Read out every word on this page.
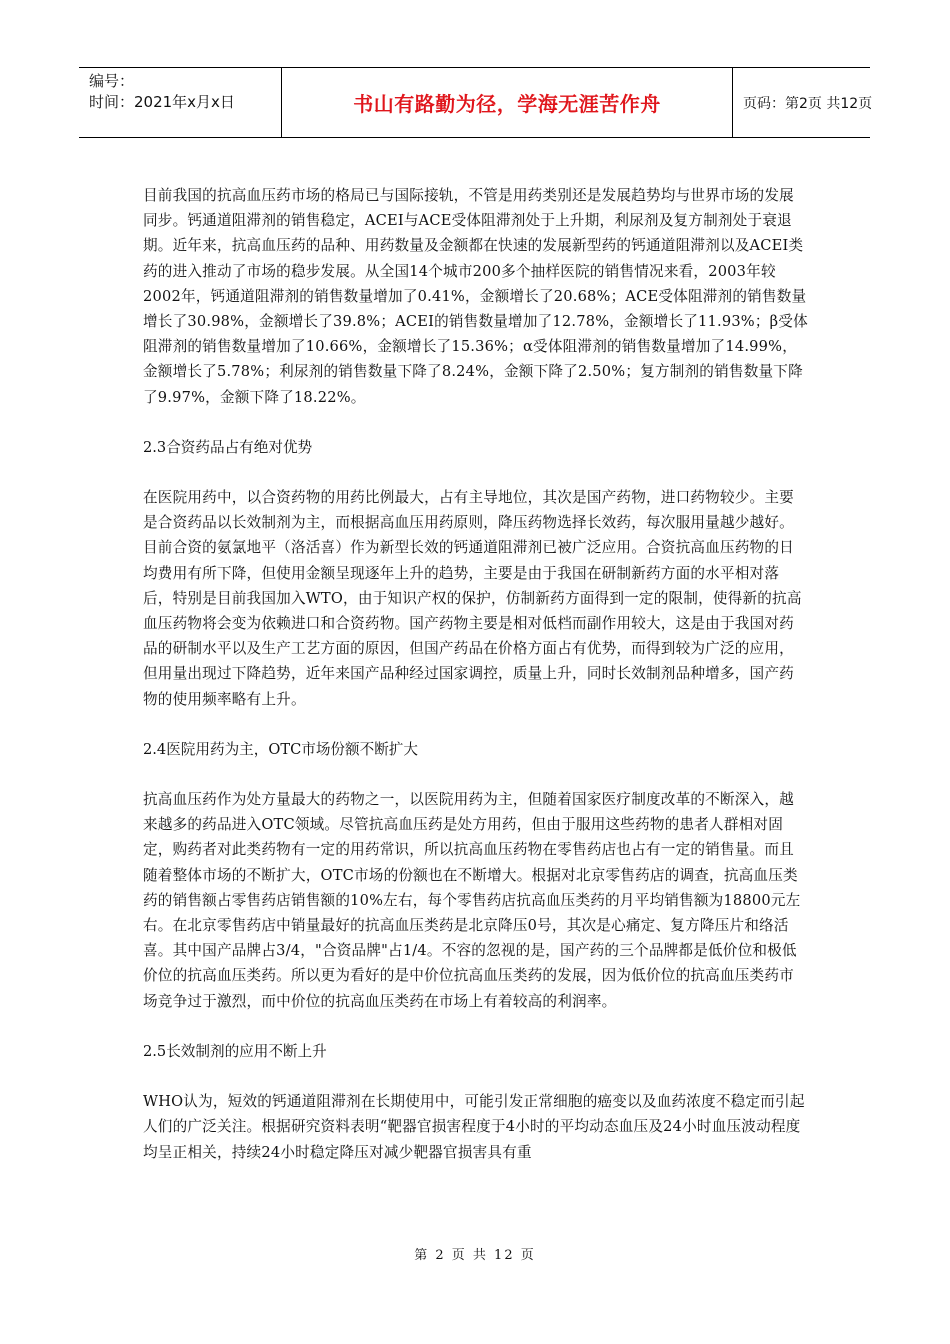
编号：
时间：2021年x月x日	书山有路勤为径，学海无涯苦作舟	页码：第2页 共12页

目前我国的抗高血压药市场的格局已与国际接轨，不管是用药类别还是发展趋势均与世界市场的发展同步。钙通道阻滞剂的销售稳定，ACEI与ACE受体阻滞剂处于上升期，利尿剂及复方制剂处于衰退期。近年来，抗高血压药的品种、用药数量及金额都在快速的发展新型药的钙通道阻滞剂以及ACEI类药的进入推动了市场的稳步发展。从全国14个城市200多个抽样医院的销售情况来看，2003年较2002年，钙通道阻滞剂的销售数量增加了0.41%，金额增长了20.68%；ACE受体阻滞剂的销售数量增长了30.98%，金额增长了39.8%；ACEI的销售数量增加了12.78%，金额增长了11.93%；β受体阻滞剂的销售数量增加了10.66%，金额增长了15.36%；α受体阻滞剂的销售数量增加了14.99%，金额增长了5.78%；利尿剂的销售数量下降了8.24%，金额下降了2.50%；复方制剂的销售数量下降了9.97%，金额下降了18.22%。

2.3合资药品占有绝对优势

在医院用药中，以合资药物的用药比例最大，占有主导地位，其次是国产药物，进口药物较少。主要是合资药品以长效制剂为主，而根据高血压用药原则，降压药物选择长效药，每次服用量越少越好。目前合资的氨氯地平（洛活喜）作为新型长效的钙通道阻滞剂已被广泛应用。合资抗高血压药物的日均费用有所下降，但使用金额呈现逐年上升的趋势，主要是由于我国在研制新药方面的水平相对落后，特别是目前我国加入WTO，由于知识产权的保护，仿制新药方面得到一定的限制，使得新的抗高血压药物将会变为依赖进口和合资药物。国产药物主要是相对低档而副作用较大，这是由于我国对药品的研制水平以及生产工艺方面的原因，但国产药品在价格方面占有优势，而得到较为广泛的应用，但用量出现过下降趋势，近年来国产品种经过国家调控，质量上升，同时长效制剂品种增多，国产药物的使用频率略有上升。

2.4医院用药为主，OTC市场份额不断扩大

抗高血压药作为处方量最大的药物之一，以医院用药为主，但随着国家医疗制度改革的不断深入，越来越多的药品进入OTC领域。尽管抗高血压药是处方用药，但由于服用这些药物的患者人群相对固定，购药者对此类药物有一定的用药常识，所以抗高血压药物在零售药店也占有一定的销售量。而且随着整体市场的不断扩大，OTC市场的份额也在不断增大。根据对北京零售药店的调查，抗高血压类药的销售额占零售药店销售额的10%左右，每个零售药店抗高血压类药的月平均销售额为18800元左右。在北京零售药店中销量最好的抗高血压类药是北京降压0号，其次是心痛定、复方降压片和络活喜。其中国产品牌占3/4，"合资品牌"占1/4。不容的忽视的是，国产药的三个品牌都是低价位和极低价位的抗高血压类药。所以更为看好的是中价位抗高血压类药的发展，因为低价位的抗高血压类药市场竞争过于激烈，而中价位的抗高血压类药在市场上有着较高的利润率。

2.5长效制剂的应用不断上升

WHO认为，短效的钙通道阻滞剂在长期使用中，可能引发正常细胞的癌变以及血药浓度不稳定而引起人们的广泛关注。根据研究资料表明“靶器官损害程度于4小时的平均动态血压及24小时血压波动程度均呈正相关，持续24小时稳定降压对减少靶器官损害具有重

第 2 页 共 12 页
